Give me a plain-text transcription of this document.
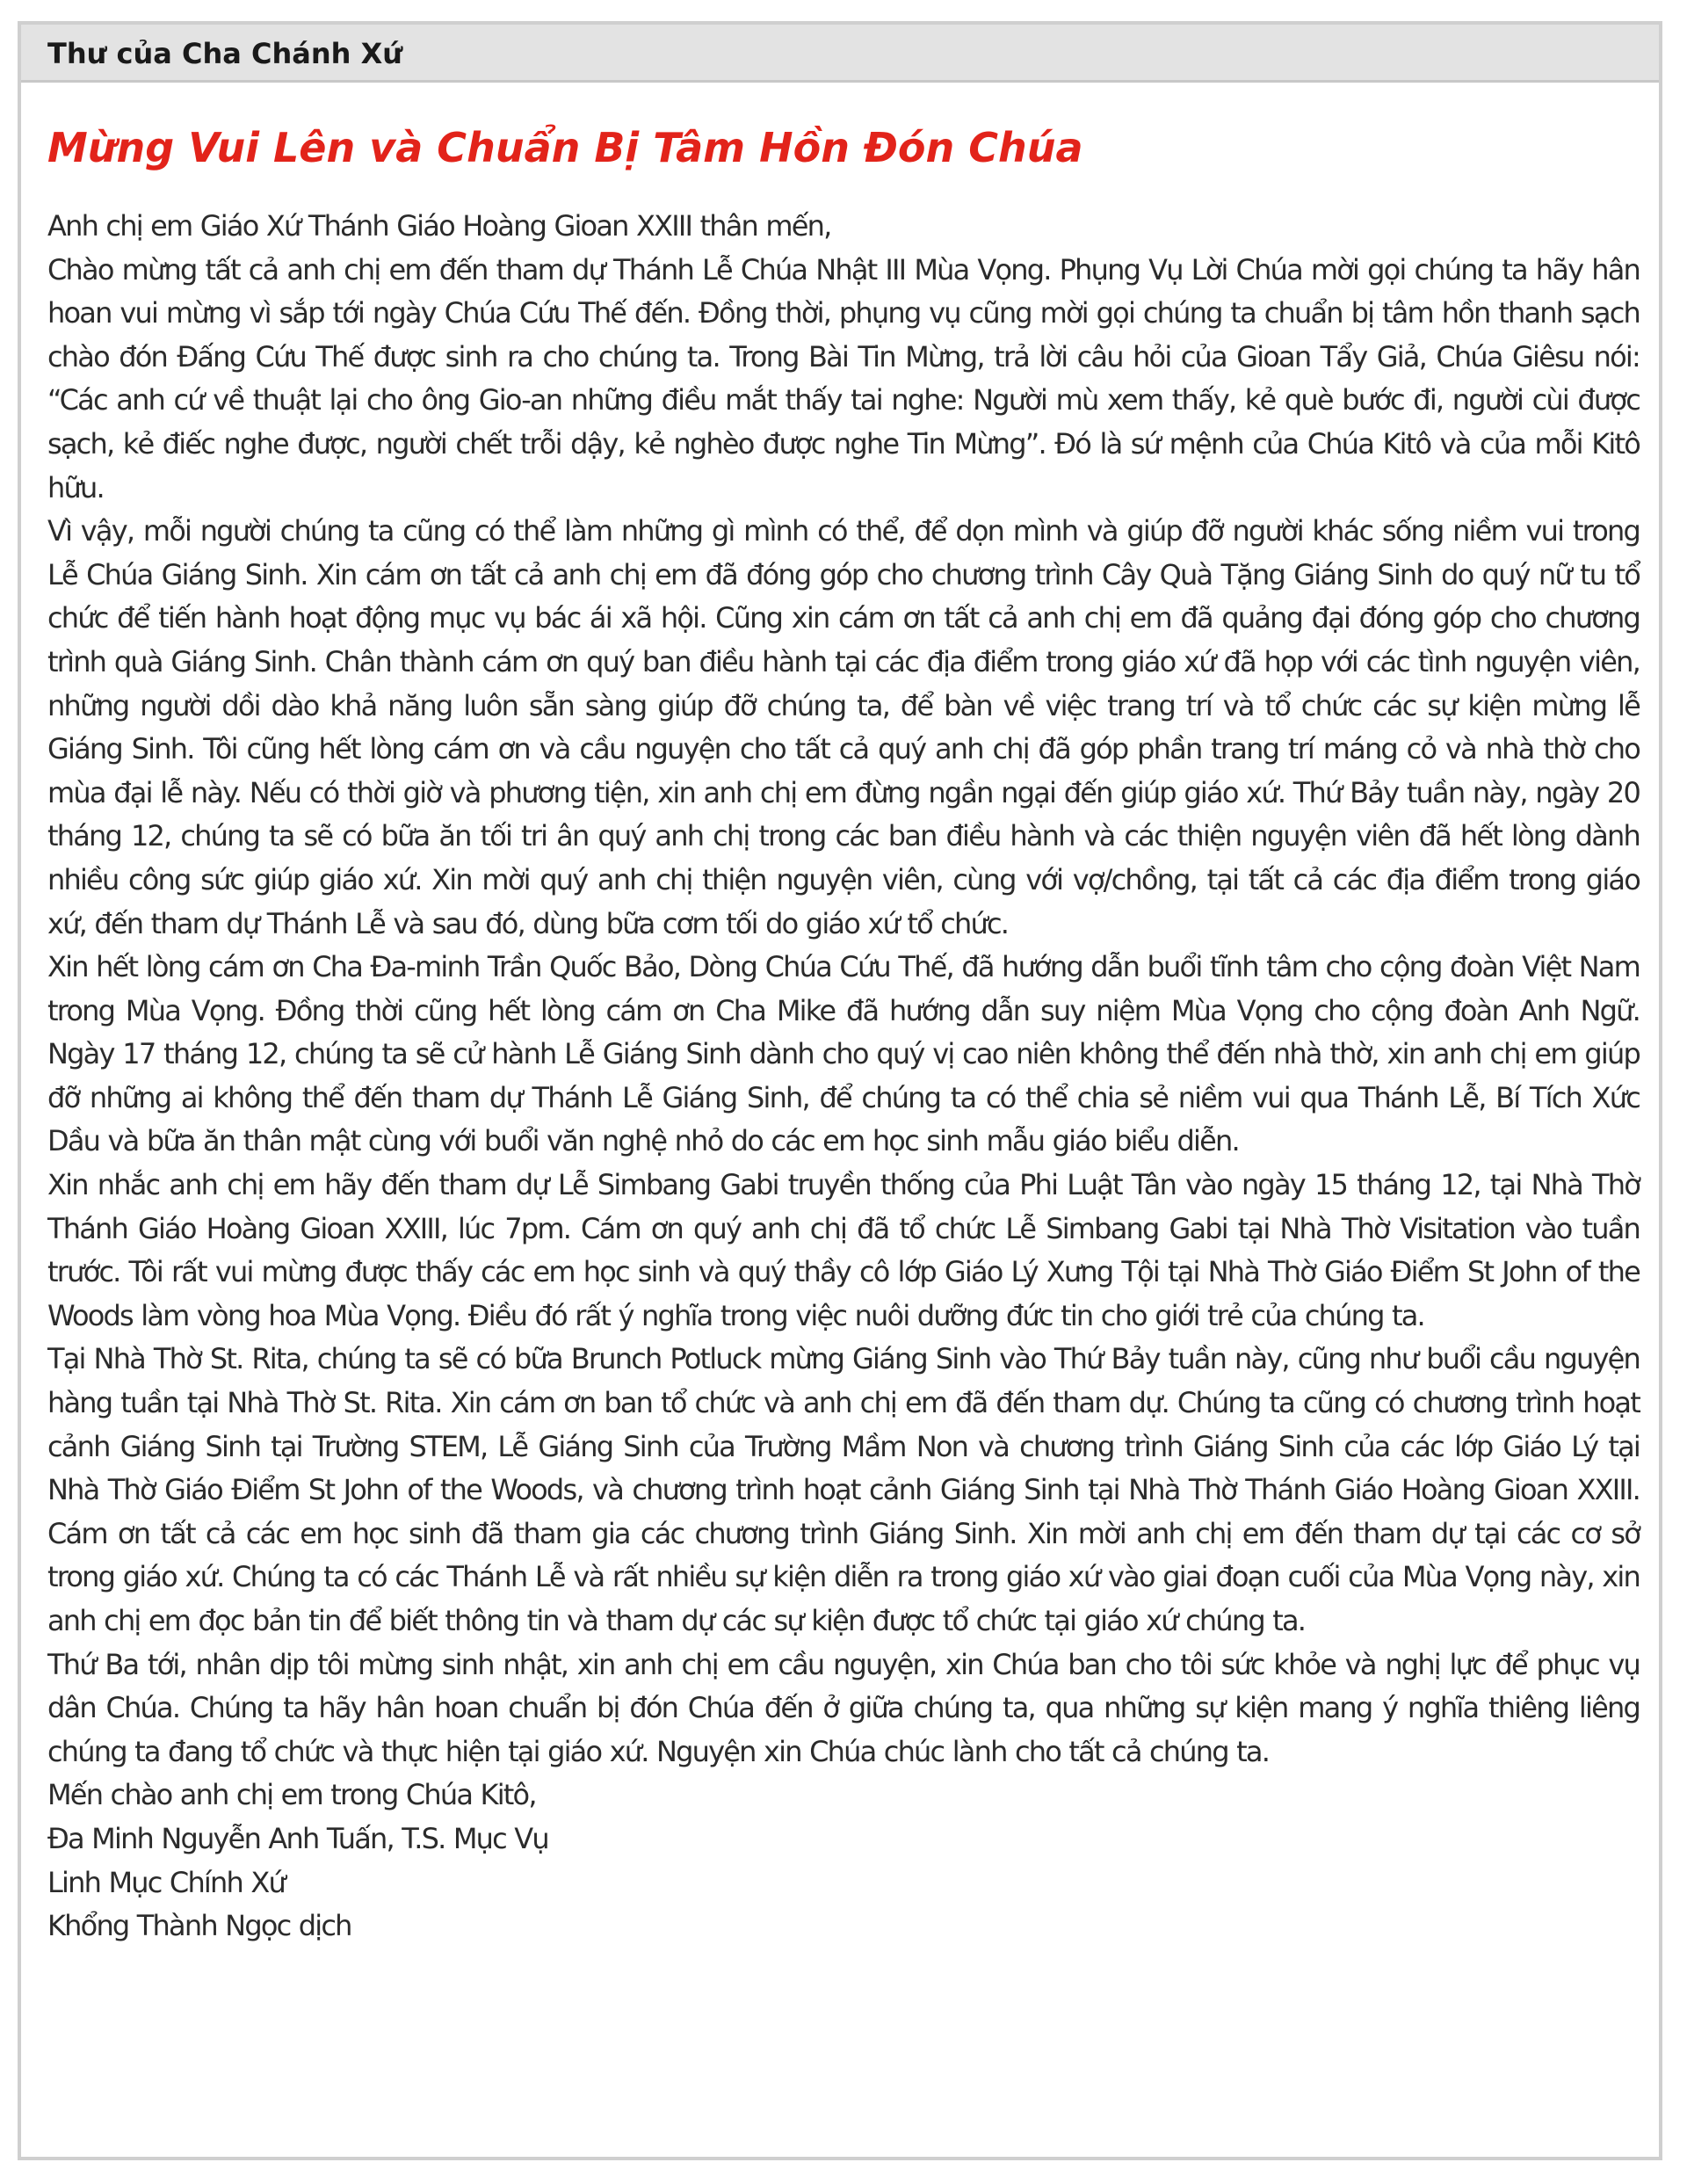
Thư của Cha Chánh Xứ
Mừng Vui Lên và Chuẩn Bị Tâm Hồn Đón Chúa

Anh chị em Giáo Xứ Thánh Giáo Hoàng Gioan XXIII thân mến,

Chào mừng tất cả anh chị em đến tham dự Thánh Lễ Chúa Nhật III Mùa Vọng. Phụng Vụ Lời Chúa mời gọi chúng ta hãy hân hoan vui mừng vì sắp tới ngày Chúa Cứu Thế đến. Đồng thời, phụng vụ cũng mời gọi chúng ta chuẩn bị tâm hồn thanh sạch chào đón Đấng Cứu Thế được sinh ra cho chúng ta. Trong Bài Tin Mừng, trả lời câu hỏi của Gioan Tẩy Giả, Chúa Giêsu nói: “Các anh cứ về thuật lại cho ông Gio-an những điều mắt thấy tai nghe: Người mù xem thấy, kẻ què bước đi, người cùi được sạch, kẻ điếc nghe được, người chết trỗi dậy, kẻ nghèo được nghe Tin Mừng”. Đó là sứ mệnh của Chúa Kitô và của mỗi Kitô hữu.

Vì vậy, mỗi người chúng ta cũng có thể làm những gì mình có thể, để dọn mình và giúp đỡ người khác sống niềm vui trong Lễ Chúa Giáng Sinh. Xin cám ơn tất cả anh chị em đã đóng góp cho chương trình Cây Quà Tặng Giáng Sinh do quý nữ tu tổ chức để tiến hành hoạt động mục vụ bác ái xã hội. Cũng xin cám ơn tất cả anh chị em đã quảng đại đóng góp cho chương trình quà Giáng Sinh. Chân thành cám ơn quý ban điều hành tại các địa điểm trong giáo xứ đã họp với các tình nguyện viên, những người dồi dào khả năng luôn sẵn sàng giúp đỡ chúng ta, để bàn về việc trang trí và tổ chức các sự kiện mừng lễ Giáng Sinh. Tôi cũng hết lòng cám ơn và cầu nguyện cho tất cả quý anh chị đã góp phần trang trí máng cỏ và nhà thờ cho mùa đại lễ này. Nếu có thời giờ và phương tiện, xin anh chị em đừng ngần ngại đến giúp giáo xứ. Thứ Bảy tuần này, ngày 20 tháng 12, chúng ta sẽ có bữa ăn tối tri ân quý anh chị trong các ban điều hành và các thiện nguyện viên đã hết lòng dành nhiều công sức giúp giáo xứ. Xin mời quý anh chị thiện nguyện viên, cùng với vợ/chồng, tại tất cả các địa điểm trong giáo xứ, đến tham dự Thánh Lễ và sau đó, dùng bữa cơm tối do giáo xứ tổ chức.

Xin hết lòng cám ơn Cha Đa-minh Trần Quốc Bảo, Dòng Chúa Cứu Thế, đã hướng dẫn buổi tĩnh tâm cho cộng đoàn Việt Nam trong Mùa Vọng. Đồng thời cũng hết lòng cám ơn Cha Mike đã hướng dẫn suy niệm Mùa Vọng cho cộng đoàn Anh Ngữ. Ngày 17 tháng 12, chúng ta sẽ cử hành Lễ Giáng Sinh dành cho quý vị cao niên không thể đến nhà thờ, xin anh chị em giúp đỡ những ai không thể đến tham dự Thánh Lễ Giáng Sinh, để chúng ta có thể chia sẻ niềm vui qua Thánh Lễ, Bí Tích Xức Dầu và bữa ăn thân mật cùng với buổi văn nghệ nhỏ do các em học sinh mẫu giáo biểu diễn.

Xin nhắc anh chị em hãy đến tham dự Lễ Simbang Gabi truyền thống của Phi Luật Tân vào ngày 15 tháng 12, tại Nhà Thờ Thánh Giáo Hoàng Gioan XXIII, lúc 7pm. Cám ơn quý anh chị đã tổ chức Lễ Simbang Gabi tại Nhà Thờ Visitation vào tuần trước. Tôi rất vui mừng được thấy các em học sinh và quý thầy cô lớp Giáo Lý Xưng Tội tại Nhà Thờ Giáo Điểm St John of the Woods làm vòng hoa Mùa Vọng. Điều đó rất ý nghĩa trong việc nuôi dưỡng đức tin cho giới trẻ của chúng ta.

Tại Nhà Thờ St. Rita, chúng ta sẽ có bữa Brunch Potluck mừng Giáng Sinh vào Thứ Bảy tuần này, cũng như buổi cầu nguyện hàng tuần tại Nhà Thờ St. Rita. Xin cám ơn ban tổ chức và anh chị em đã đến tham dự. Chúng ta cũng có chương trình hoạt cảnh Giáng Sinh tại Trường STEM, Lễ Giáng Sinh của Trường Mầm Non và chương trình Giáng Sinh của các lớp Giáo Lý tại Nhà Thờ Giáo Điểm St John of the Woods, và chương trình hoạt cảnh Giáng Sinh tại Nhà Thờ Thánh Giáo Hoàng Gioan XXIII. Cám ơn tất cả các em học sinh đã tham gia các chương trình Giáng Sinh. Xin mời anh chị em đến tham dự tại các cơ sở trong giáo xứ. Chúng ta có các Thánh Lễ và rất nhiều sự kiện diễn ra trong giáo xứ vào giai đoạn cuối của Mùa Vọng này, xin anh chị em đọc bản tin để biết thông tin và tham dự các sự kiện được tổ chức tại giáo xứ chúng ta.

Thứ Ba tới, nhân dịp tôi mừng sinh nhật, xin anh chị em cầu nguyện, xin Chúa ban cho tôi sức khỏe và nghị lực để phục vụ dân Chúa. Chúng ta hãy hân hoan chuẩn bị đón Chúa đến ở giữa chúng ta, qua những sự kiện mang ý nghĩa thiêng liêng chúng ta đang tổ chức và thực hiện tại giáo xứ. Nguyện xin Chúa chúc lành cho tất cả chúng ta.

Mến chào anh chị em trong Chúa Kitô,

Đa Minh Nguyễn Anh Tuấn, T.S. Mục Vụ

Linh Mục Chính Xứ

Khổng Thành Ngọc dịch
